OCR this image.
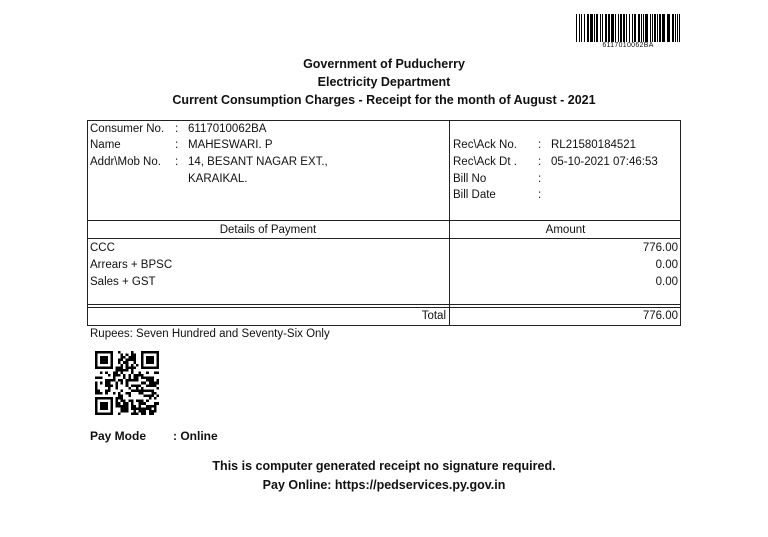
6117010062BA
Government of Puducherry
Electricity Department
Current Consumption Charges - Receipt for the month of August - 2021
Consumer No. : 6117010062BA
Name	: MAHESWARI. P
Addr\Mob No. : 14, BESANT NAGAR EXT.,
KARAIKAL.
Rec\Ack No. : RL21580184521
Rec\Ack Dt . : 05-10-2021 07:46:53
Bill No	:
Bill Date	:
Details of Payment	Amount
CCC	776.00
Arrears + BPSC	0.00
Sales + GST	0.00
Total	776.00
Rupees: Seven Hundred and Seventy-Six Only
Pay Mode : Online
This is computer generated receipt no signature required.
Pay Online: https://pedservices.py.gov.in
